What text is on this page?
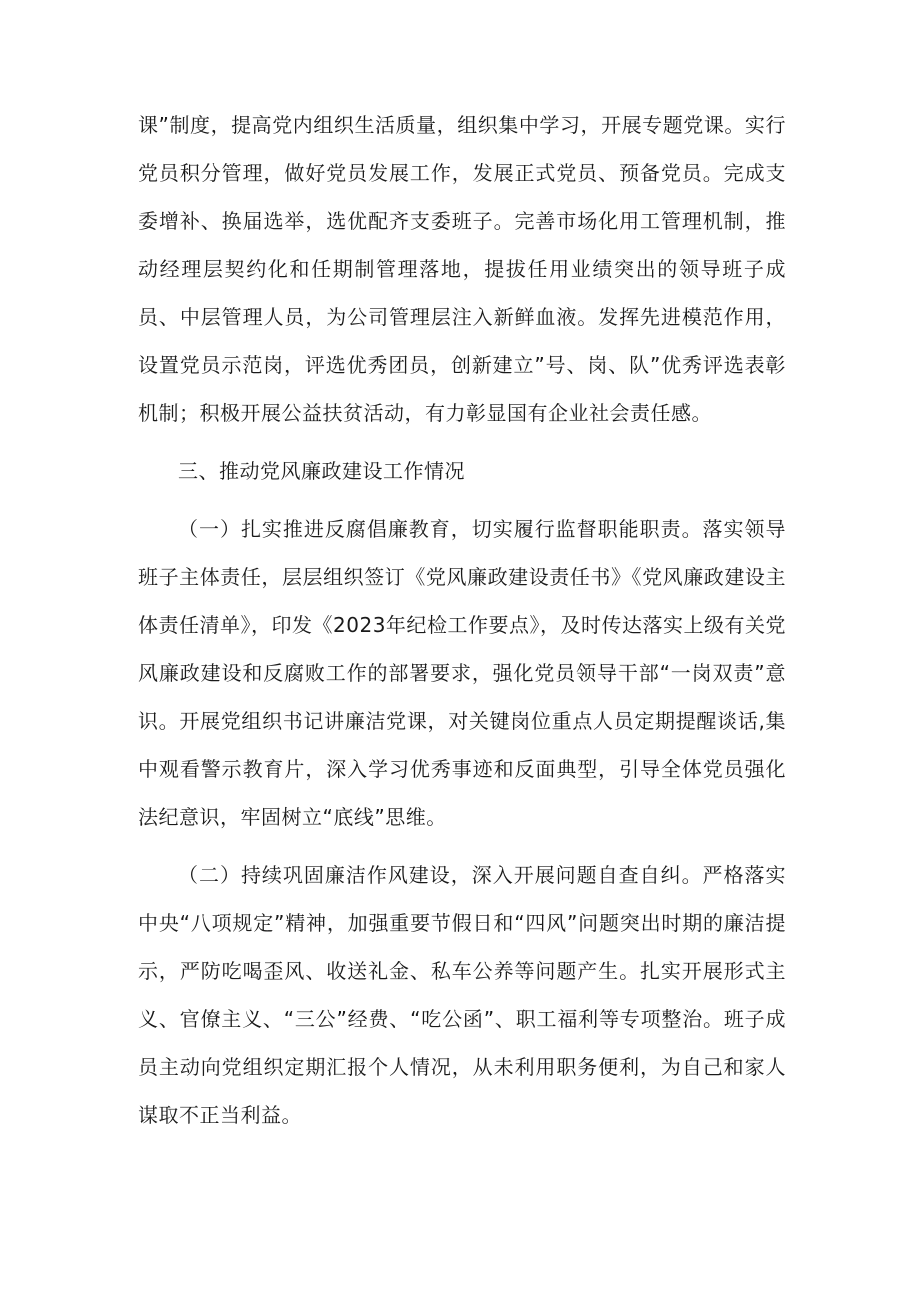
课”制度，提高党内组织生活质量，组织集中学习，开展专题党课。实行党员积分管理，做好党员发展工作，发展正式党员、预备党员。完成支委增补、换届选举，选优配齐支委班子。完善市场化用工管理机制，推动经理层契约化和任期制管理落地，提拔任用业绩突出的领导班子成员、中层管理人员，为公司管理层注入新鲜血液。发挥先进模范作用，设置党员示范岗，评选优秀团员，创新建立”号、岗、队”优秀评选表彰机制；积极开展公益扶贫活动，有力彰显国有企业社会责任感。

三、推动党风廉政建设工作情况

（一）扎实推进反腐倡廉教育，切实履行监督职能职责。落实领导班子主体责任，层层组织签订《党风廉政建设责任书》《党风廉政建设主体责任清单》，印发《2023年纪检工作要点》，及时传达落实上级有关党风廉政建设和反腐败工作的部署要求，强化党员领导干部“一岗双责”意识。开展党组织书记讲廉洁党课，对关键岗位重点人员定期提醒谈话,集中观看警示教育片，深入学习优秀事迹和反面典型，引导全体党员强化法纪意识，牢固树立“底线”思维。

（二）持续巩固廉洁作风建设，深入开展问题自查自纠。严格落实中央“八项规定”精神，加强重要节假日和“四风”问题突出时期的廉洁提示，严防吃喝歪风、收送礼金、私车公养等问题产生。扎实开展形式主义、官僚主义、“三公”经费、“吃公函”、职工福利等专项整治。班子成员主动向党组织定期汇报个人情况，从未利用职务便利，为自己和家人谋取不正当利益。
